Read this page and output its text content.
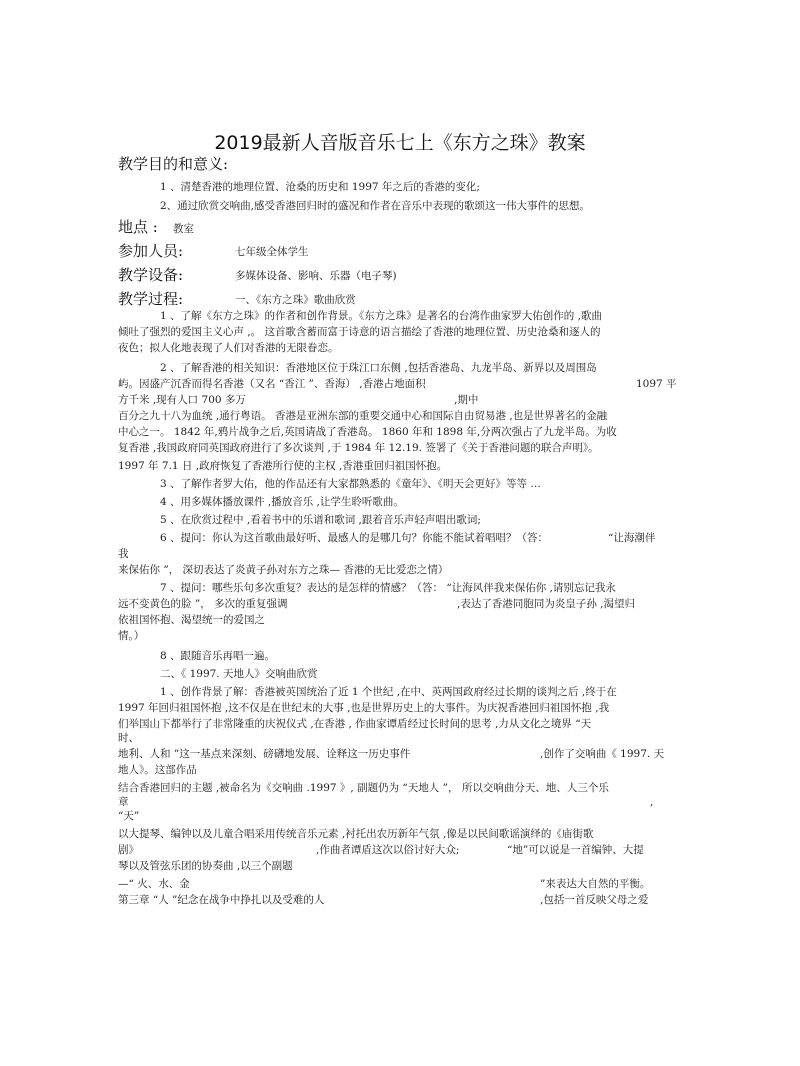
2019最新人音版音乐七上《东方之珠》教案
教学目的和意义:
1 、清楚香港的地理位置、沧桑的历史和 1997 年之后的香港的变化;
2、通过欣赏交响曲,感受香港回归时的盛况和作者在音乐中表现的歌颂这一伟大事件的思想。
地点 : 教室
参加人员:	七年级全体学生
教学设备:	多媒体设备、影响、乐器（电子琴)
教学过程:	一、《东方之珠》歌曲欣赏
1 、了解《东方之珠》的作者和创作背景。《东方之珠》是著名的台湾作曲家罗大佑创作的 ,歌曲
倾吐了强烈的爱国主义心声 ,。 这首歌含蓄而富于诗意的语言描绘了香港的地理位置、历史沧桑和逐人的
夜色；拟人化地表现了人们对香港的无限眷恋。
2 、了解香港的相关知识：香港地区位于珠江口东侧 ,包括香港岛、九龙半岛、新界以及周围岛
屿。因盛产沉香而得名香港（又名 “香江 ”、香海） ,香港占地面积	1097 平
方千米 ,现有人口 700 多万	,期中
百分之九十八为血统 ,通行粤语。 香港是亚洲东部的重要交通中心和国际自由贸易港 ,也是世界著名的金融
中心之一。 1842 年,鸦片战争之后,英国请战了香港岛。 1860 年和 1898 年,分两次强占了九龙半岛。为收
复香港 ,我国政府同英国政府进行了多次谈判 ,于 1984 年 12.19. 签署了《关于香港问题的联合声明》。
1997 年 7.1 日 ,政府恢复了香港所行使的主权 ,香港重回归祖国怀抱。
3 、了解作者罗大佑，他的作品还有大家都熟悉的《童年》、《明天会更好》等等 …
4 、用多媒体播放课件 ,播放音乐 ,让学生聆听歌曲。
5 、在欣赏过程中 ,看着书中的乐谱和歌词 ,跟着音乐声轻声唱出歌词;
6 、提问：你认为这首歌曲最好听、最感人的是哪几句？你能不能试着唱唱？（答：	“让海潮伴
我
来保佑你 ”， 深切表达了炎黄子孙对东方之珠— 香港的无比爱恋之情）
7 、提问：哪些乐句多次重复？表达的是怎样的情感？（答： “让海风伴我来保佑你 ,请别忘记我永
远不变黄色的脸 ”， 多次的重复强调	,表达了香港同胞同为炎皇子孙 ,渴望归
依祖国怀抱、渴望统一的爱国之
情。）
8 、跟随音乐再唱一遍。
二、《 1997. 天地人》交响曲欣赏
1 、创作背景了解：香港被英国统治了近 1 个世纪 ,在中、英两国政府经过长期的谈判之后 ,终于在
1997 年回归祖国怀抱 ,这不仅是在世纪末的大事 ,也是世界历史上的大事件。为庆祝香港回归祖国怀抱 ,我
们举国山下都举行了非常隆重的庆祝仪式 ,在香港 , 作曲家谭盾经过长时间的思考 ,力从文化之境界 “天
时、
地利、人和 ”这一基点来深刻、磅礴地发展、诠释这一历史事件	,创作了交响曲《 1997. 天
地人》。这部作品
结合香港回归的主题 ,被命名为《交响曲 .1997 》, 副题仍为 “天地人 ”， 所以交响曲分天、地、人三个乐
章	,
“天”
以大提琴、编钟以及儿童合唱采用传统音乐元素 ,衬托出农历新年气氛 ,像是以民间歌谣演绎的《庙街歌
剧》	,作曲者谭盾这次以俗讨好大众;	“地”可以说是一首编钟、大提
琴以及管弦乐团的协奏曲 ,以三个副题
—“ 火、水、金	”来表达大自然的平衡。
第三章 “人 ”纪念在战争中挣扎以及受难的人	,包括一首反映父母之爱
